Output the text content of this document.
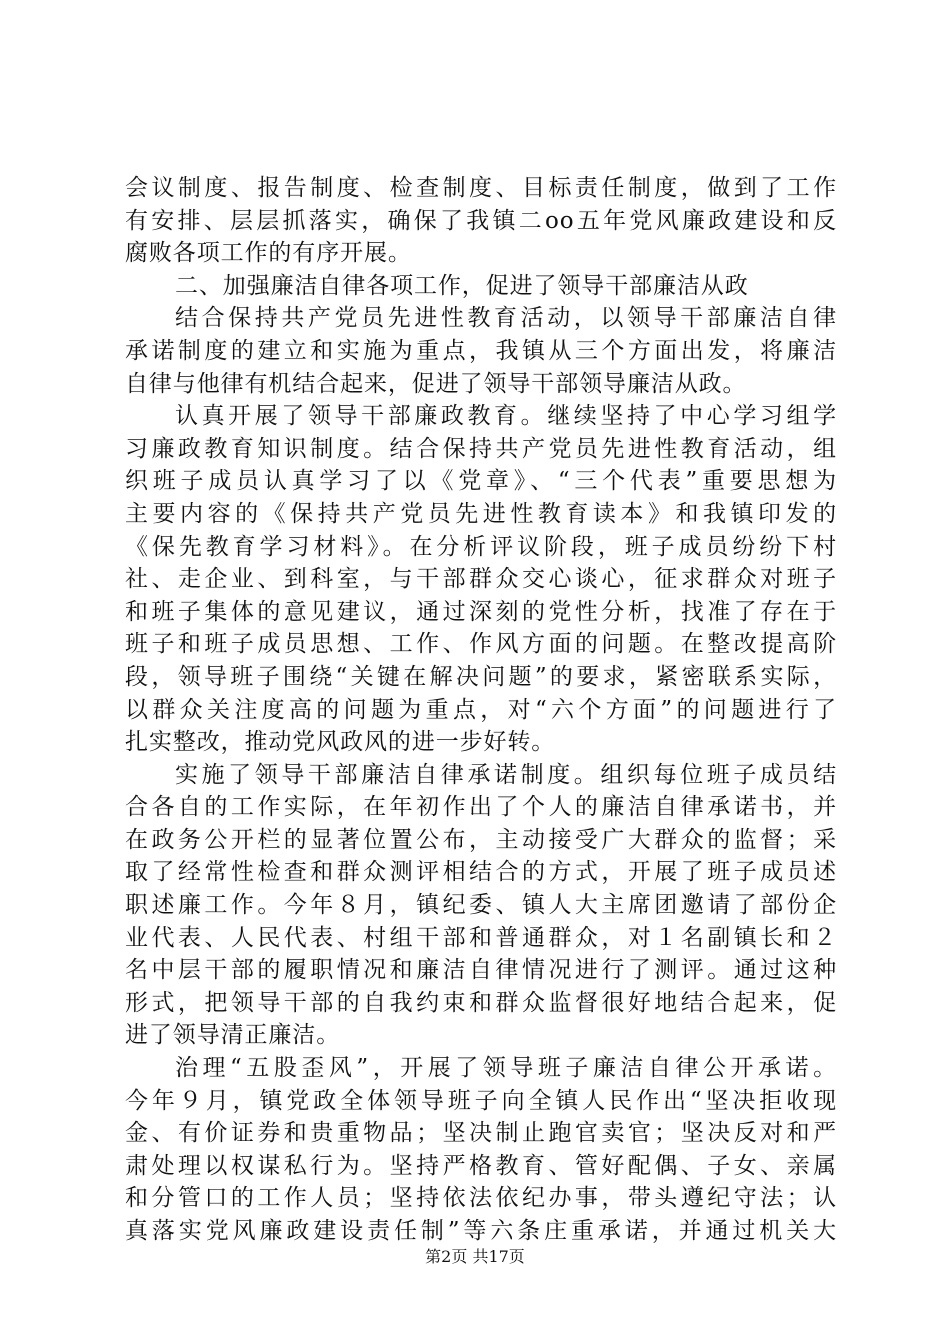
会议制度、报告制度、检查制度、目标责任制度，做到了工作
有安排、层层抓落实，确保了我镇二oo五年党风廉政建设和反
腐败各项工作的有序开展。
二、加强廉洁自律各项工作，促进了领导干部廉洁从政
结合保持共产党员先进性教育活动，以领导干部廉洁自律
承诺制度的建立和实施为重点，我镇从三个方面出发，将廉洁
自律与他律有机结合起来，促进了领导干部领导廉洁从政。
认真开展了领导干部廉政教育。继续坚持了中心学习组学
习廉政教育知识制度。结合保持共产党员先进性教育活动，组
织班子成员认真学习了以《党章》、“三个代表”重要思想为
主要内容的《保持共产党员先进性教育读本》和我镇印发的
《保先教育学习材料》。在分析评议阶段，班子成员纷纷下村
社、走企业、到科室，与干部群众交心谈心，征求群众对班子
和班子集体的意见建议，通过深刻的党性分析，找准了存在于
班子和班子成员思想、工作、作风方面的问题。在整改提高阶
段，领导班子围绕“关键在解决问题”的要求，紧密联系实际，
以群众关注度高的问题为重点，对“六个方面”的问题进行了
扎实整改，推动党风政风的进一步好转。
实施了领导干部廉洁自律承诺制度。组织每位班子成员结
合各自的工作实际，在年初作出了个人的廉洁自律承诺书，并
在政务公开栏的显著位置公布，主动接受广大群众的监督；采
取了经常性检查和群众测评相结合的方式，开展了班子成员述
职述廉工作。今年８月，镇纪委、镇人大主席团邀请了部份企
业代表、人民代表、村组干部和普通群众，对１名副镇长和２
名中层干部的履职情况和廉洁自律情况进行了测评。通过这种
形式，把领导干部的自我约束和群众监督很好地结合起来，促
进了领导清正廉洁。
治理“五股歪风”，开展了领导班子廉洁自律公开承诺。
今年９月，镇党政全体领导班子向全镇人民作出“坚决拒收现
金、有价证券和贵重物品；坚决制止跑官卖官；坚决反对和严
肃处理以权谋私行为。坚持严格教育、管好配偶、子女、亲属
和分管口的工作人员；坚持依法依纪办事，带头遵纪守法；认
真落实党风廉政建设责任制”等六条庄重承诺，并通过机关大
第2页 共17页
